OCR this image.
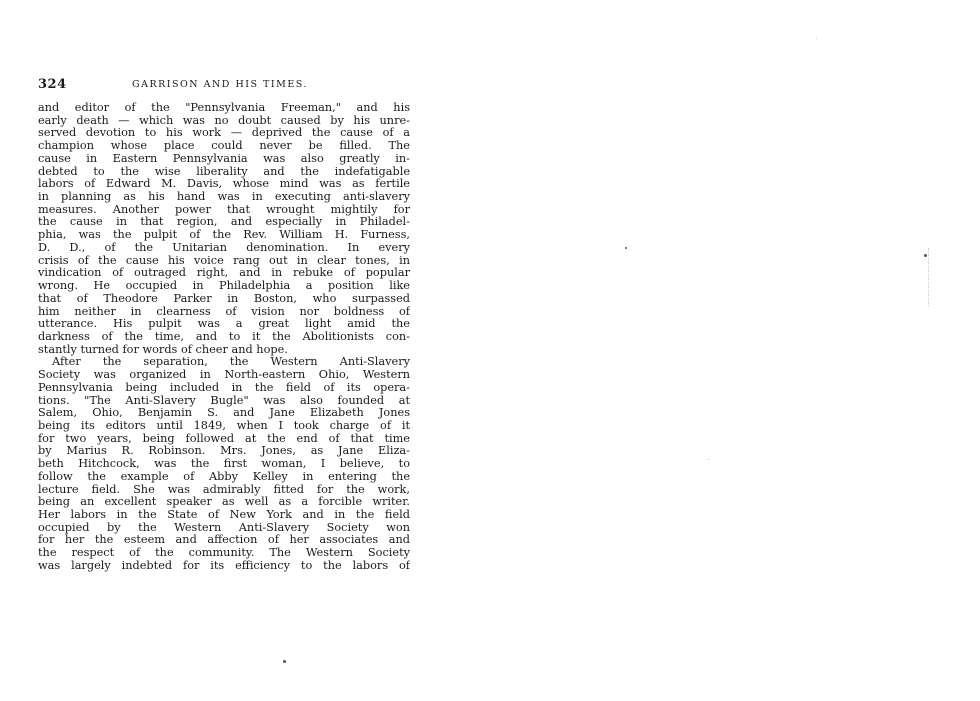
324	GARRISON AND HIS TIMES.
and editor of the "Pennsylvania Freeman," and his
early death — which was no doubt caused by his unre-
served devotion to his work — deprived the cause of a
champion whose place could never be filled. The
cause in Eastern Pennsylvania was also greatly in-
debted to the wise liberality and the indefatigable
labors of Edward M. Davis, whose mind was as fertile
in planning as his hand was in executing anti-slavery
measures. Another power that wrought mightily for
the cause in that region, and especially in Philadel-
phia, was the pulpit of the Rev. William H. Furness,
D. D., of the Unitarian denomination. In every
crisis of the cause his voice rang out in clear tones, in
vindication of outraged right, and in rebuke of popular
wrong. He occupied in Philadelphia a position like
that of Theodore Parker in Boston, who surpassed
him neither in clearness of vision nor boldness of
utterance. His pulpit was a great light amid the
darkness of the time, and to it the Abolitionists con-
stantly turned for words of cheer and hope.
After the separation, the Western Anti-Slavery
Society was organized in North-eastern Ohio, Western
Pennsylvania being included in the field of its opera-
tions. "The Anti-Slavery Bugle" was also founded at
Salem, Ohio, Benjamin S. and Jane Elizabeth Jones
being its editors until 1849, when I took charge of it
for two years, being followed at the end of that time
by Marius R. Robinson. Mrs. Jones, as Jane Eliza-
beth Hitchcock, was the first woman, I believe, to
follow the example of Abby Kelley in entering the
lecture field. She was admirably fitted for the work,
being an excellent speaker as well as a forcible writer.
Her labors in the State of New York and in the field
occupied by the Western Anti-Slavery Society won
for her the esteem and affection of her associates and
the respect of the community. The Western Society
was largely indebted for its efficiency to the labors of
